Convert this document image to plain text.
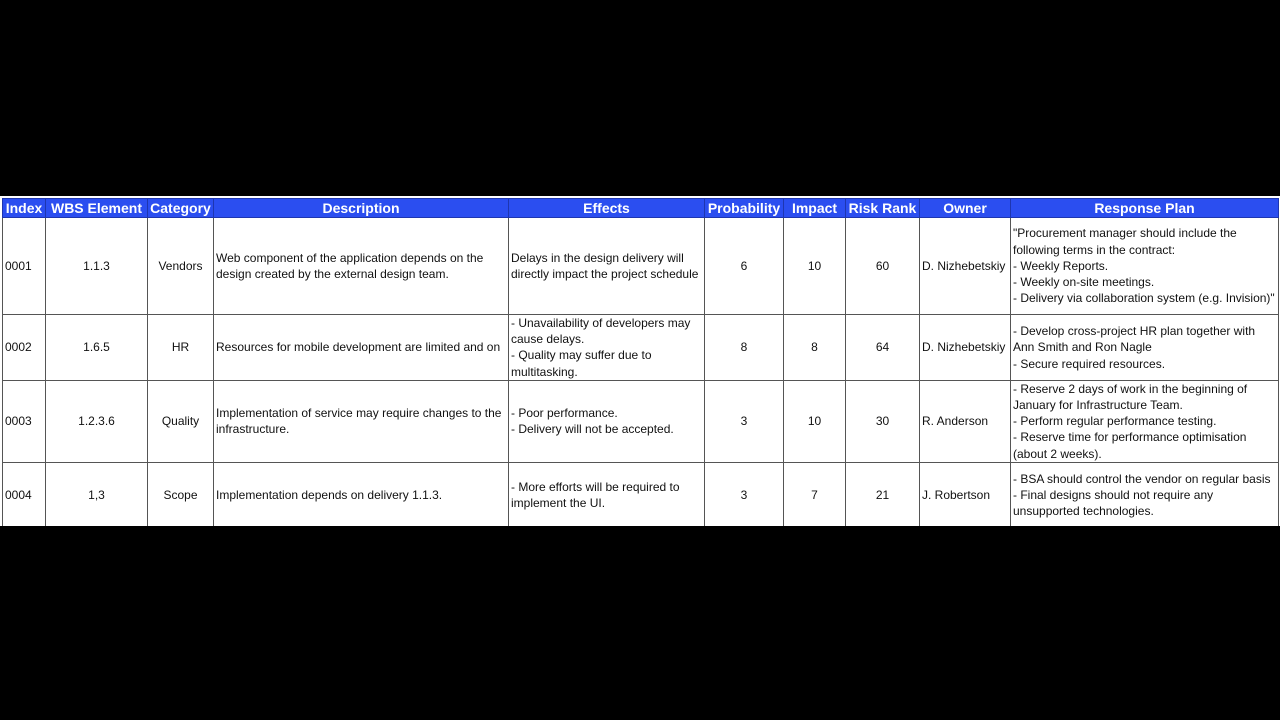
Index	WBS Element	Category	Description	Effects	Probability	Impact	Risk Rank	Owner	Response Plan
0001	1.1.3	Vendors	Web component of the application depends on the design created by the external design team.	Delays in the design delivery will directly impact the project schedule	6	10	60	D. Nizhebetskiy	"Procurement manager should include the following terms in the contract:
- Weekly Reports.
- Weekly on-site meetings.
- Delivery via collaboration system (e.g. Invision)"

0002	1.6.5	HR	Resources for mobile development are limited and on	- Unavailability of developers may cause delays.
- Quality may suffer due to multitasking.	8	8	64	D. Nizhebetskiy	- Develop cross-project HR plan together with Ann Smith and Ron Nagle
- Secure required resources.

0003	1.2.3.6	Quality	Implementation of service may require changes to the infrastructure.	- Poor performance.
- Delivery will not be accepted.	3	10	30	R. Anderson	- Reserve 2 days of work in the beginning of January for Infrastructure Team.
- Perform regular performance testing.
- Reserve time for performance optimisation (about 2 weeks).

0004	1,3	Scope	Implementation depends on delivery 1.1.3.	- More efforts will be required to implement the UI.	3	7	21	J. Robertson	- BSA should control the vendor on regular basis
- Final designs should not require any unsupported technologies.
